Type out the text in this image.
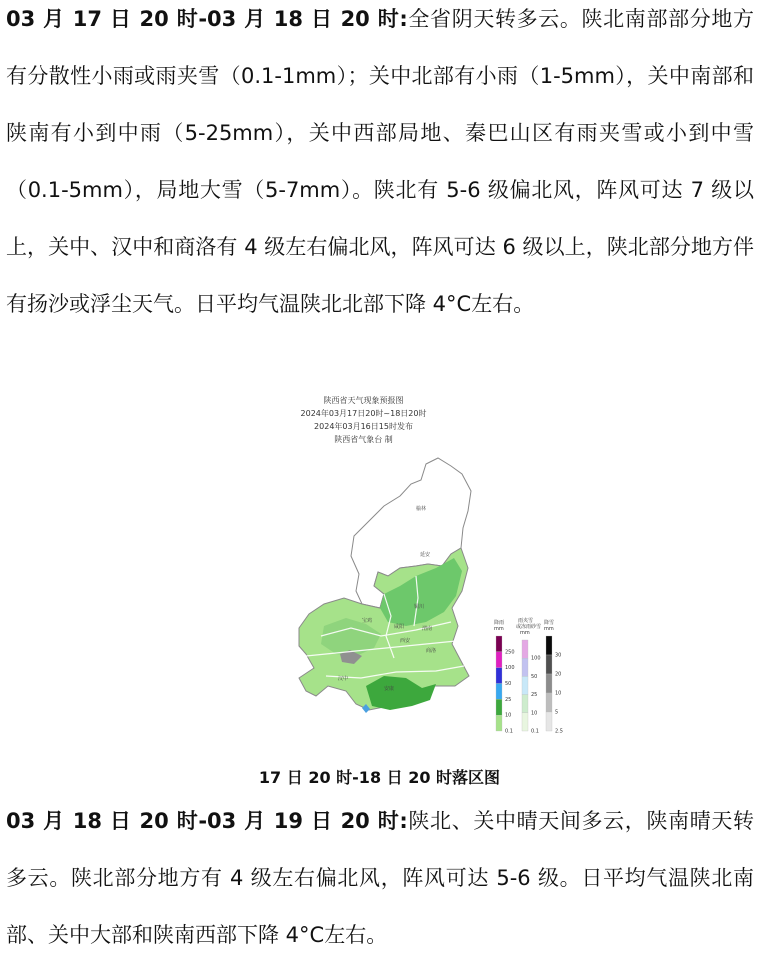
03 月 17 日 20 时-03 月 18 日 20 时:全省阴天转多云。陕北南部部分地方有分散性小雨或雨夹雪（0.1-1mm）；关中北部有小雨（1-5mm），关中南部和陕南有小到中雨（5-25mm），关中西部局地、秦巴山区有雨夹雪或小到中雪（0.1-5mm），局地大雪（5-7mm）。陕北有 5-6 级偏北风，阵风可达 7 级以上，关中、汉中和商洛有 4 级左右偏北风，阵风可达 6 级以上，陕北部分地方伴有扬沙或浮尘天气。日平均气温陕北北部下降 4°C左右。
陕西省天气现象预报图
2024年03月17日20时~18日20时
2024年03月16日15时发布
陕西省气象台 制
榆林
延安
铜川
宝鸡
咸阳	渭南
西安
商洛
汉中
安康
降雨
mm
250
100
50
25
10
0.1
雨夹雪
或冻雨砂雪
mm
100
50
25
10
0.1
降雪
mm
30
20
10
5
2.5
17 日 20 时-18 日 20 时落区图
03 月 18 日 20 时-03 月 19 日 20 时:陕北、关中晴天间多云，陕南晴天转多云。陕北部分地方有 4 级左右偏北风，阵风可达 5-6 级。日平均气温陕北南部、关中大部和陕南西部下降 4°C左右。
